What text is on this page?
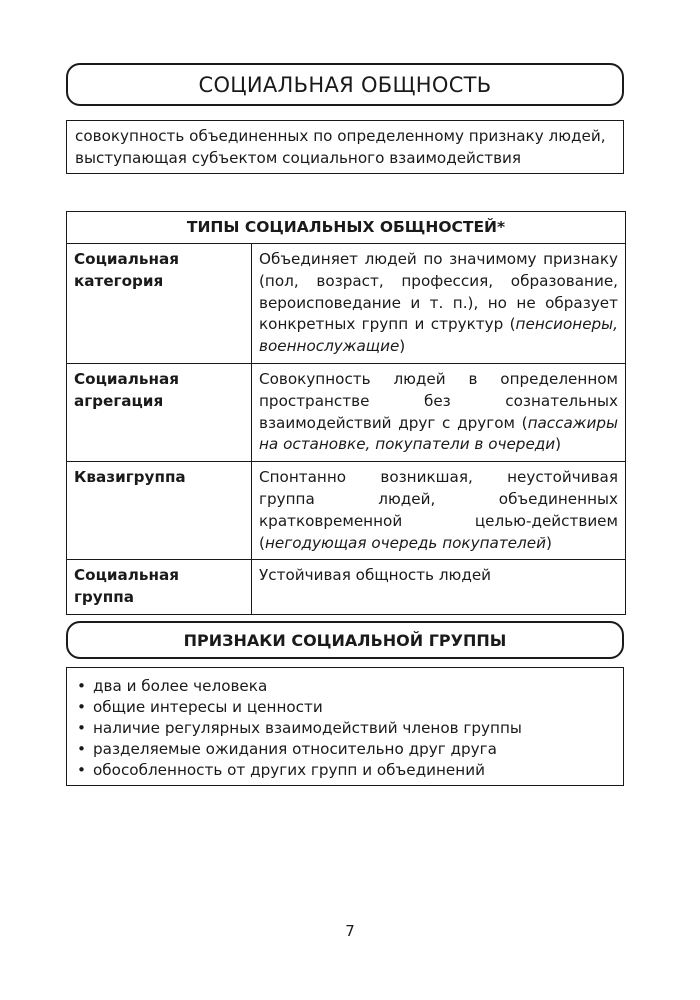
СОЦИАЛЬНАЯ ОБЩНОСТЬ
совокупность объединенных по определенному признаку людей,
выступающая субъектом социального взаимодействия
ТИПЫ СОЦИАЛЬНЫХ ОБЩНОСТЕЙ*	

Социальная
категория	Объединяет людей по значимому признаку (пол, возраст, профессия, образование, вероисповедание и т. п.), но не образует конкретных групп и структур (пенсионеры, военнослужащие)

Социальная
агрегация	Совокупность людей в определенном пространстве без сознательных взаимодействий друг с другом (пассажиры на остановке, покупатели в очереди)

Квазигруппа	Спонтанно возникшая, неустойчивая группа людей, объединенных кратковременной целью-действием (негодующая очередь покупателей)

Социальная группа	Устойчивая общность людей
ПРИЗНАКИ СОЦИАЛЬНОЙ ГРУППЫ
• два и более человека
• общие интересы и ценности
• наличие регулярных взаимодействий членов группы
• разделяемые ожидания относительно друг друга
• обособленность от других групп и объединений
7
